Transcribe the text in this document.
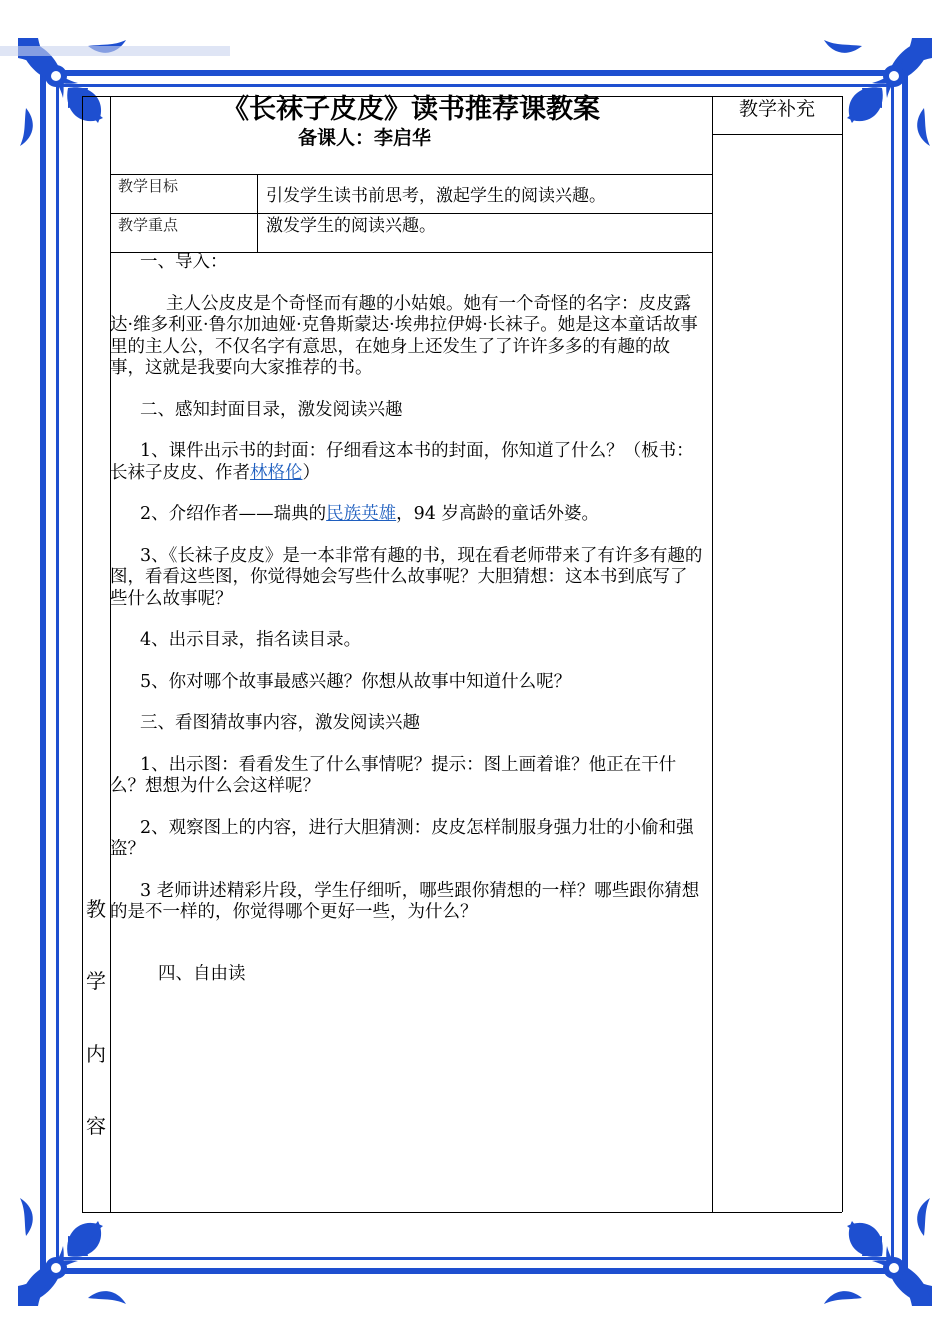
《长袜子皮皮》读书推荐课教案
备课人：李启华
教学补充
教学目标	引发学生读书前思考，激起学生的阅读兴趣。
教学重点	激发学生的阅读兴趣。
教
学
内
容

一、导入：

主人公皮皮是个奇怪而有趣的小姑娘。她有一个奇怪的名字：皮皮露达·维多利亚·鲁尔加迪娅·克鲁斯蒙达·埃弗拉伊姆·长袜子。她是这本童话故事里的主人公，不仅名字有意思，在她身上还发生了了许许多多的有趣的故事，这就是我要向大家推荐的书。

二、感知封面目录，激发阅读兴趣

1、课件出示书的封面：仔细看这本书的封面，你知道了什么？（板书：长袜子皮皮、作者林格伦）

2、介绍作者——瑞典的民族英雄，94 岁高龄的童话外婆。

3、《长袜子皮皮》是一本非常有趣的书，现在看老师带来了有许多有趣的图，看看这些图，你觉得她会写些什么故事呢？大胆猜想：这本书到底写了些什么故事呢？

4、出示目录，指名读目录。

5、你对哪个故事最感兴趣？你想从故事中知道什么呢？

三、看图猜故事内容，激发阅读兴趣

1、出示图：看看发生了什么事情呢？提示：图上画着谁？他正在干什么？想想为什么会这样呢？

2、观察图上的内容，进行大胆猜测：皮皮怎样制服身强力壮的小偷和强盗？

3 老师讲述精彩片段，学生仔细听，哪些跟你猜想的一样？哪些跟你猜想的是不一样的，你觉得哪个更好一些，为什么？

四、自由读
